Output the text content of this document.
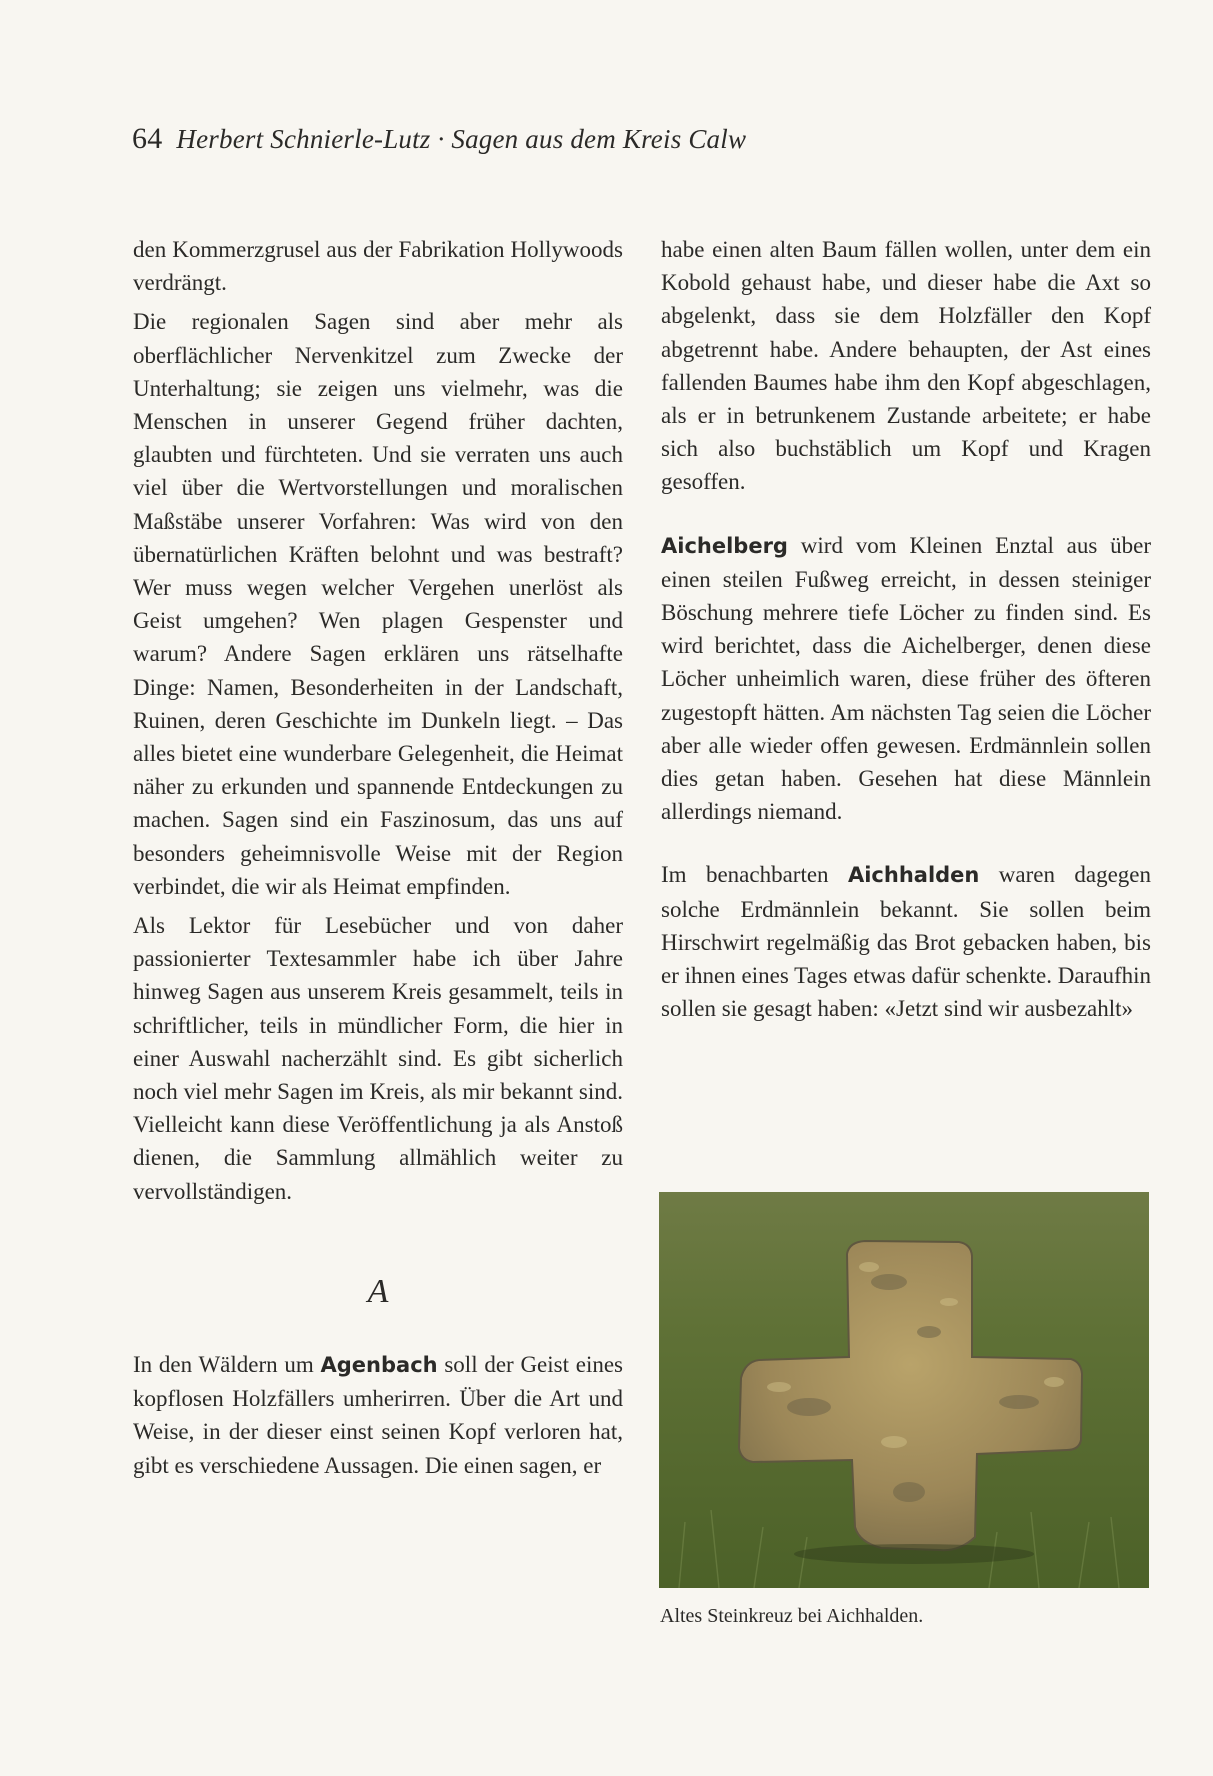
64 Herbert Schnierle-Lutz · Sagen aus dem Kreis Calw

den Kommerzgrusel aus der Fabrikation Hollywoods verdrängt.

Die regionalen Sagen sind aber mehr als oberflächlicher Nervenkitzel zum Zwecke der Unterhaltung; sie zeigen uns vielmehr, was die Menschen in unserer Gegend früher dachten, glaubten und fürchteten. Und sie verraten uns auch viel über die Wertvorstellungen und moralischen Maßstäbe unserer Vorfahren: Was wird von den übernatürlichen Kräften belohnt und was bestraft? Wer muss wegen welcher Vergehen unerlöst als Geist umgehen? Wen plagen Gespenster und warum? Andere Sagen erklären uns rätselhafte Dinge: Namen, Besonderheiten in der Landschaft, Ruinen, deren Geschichte im Dunkeln liegt. – Das alles bietet eine wunderbare Gelegenheit, die Heimat näher zu erkunden und spannende Entdeckungen zu machen. Sagen sind ein Faszinosum, das uns auf besonders geheimnisvolle Weise mit der Region verbindet, die wir als Heimat empfinden.

Als Lektor für Lesebücher und von daher passionierter Textesammler habe ich über Jahre hinweg Sagen aus unserem Kreis gesammelt, teils in schriftlicher, teils in mündlicher Form, die hier in einer Auswahl nacherzählt sind. Es gibt sicherlich noch viel mehr Sagen im Kreis, als mir bekannt sind. Vielleicht kann diese Veröffentlichung ja als Anstoß dienen, die Sammlung allmählich weiter zu vervollständigen.

A

In den Wäldern um Agenbach soll der Geist eines kopflosen Holzfällers umherirren. Über die Art und Weise, in der dieser einst seinen Kopf verloren hat, gibt es verschiedene Aussagen. Die einen sagen, er

habe einen alten Baum fällen wollen, unter dem ein Kobold gehaust habe, und dieser habe die Axt so abgelenkt, dass sie dem Holzfäller den Kopf abgetrennt habe. Andere behaupten, der Ast eines fallenden Baumes habe ihm den Kopf abgeschlagen, als er in betrunkenem Zustande arbeitete; er habe sich also buchstäblich um Kopf und Kragen gesoffen.

Aichelberg wird vom Kleinen Enztal aus über einen steilen Fußweg erreicht, in dessen steiniger Böschung mehrere tiefe Löcher zu finden sind. Es wird berichtet, dass die Aichelberger, denen diese Löcher unheimlich waren, diese früher des öfteren zugestopft hätten. Am nächsten Tag seien die Löcher aber alle wieder offen gewesen. Erdmännlein sollen dies getan haben. Gesehen hat diese Männlein allerdings niemand.

Im benachbarten Aichhalden waren dagegen solche Erdmännlein bekannt. Sie sollen beim Hirschwirt regelmäßig das Brot gebacken haben, bis er ihnen eines Tages etwas dafür schenkte. Daraufhin sollen sie gesagt haben: «Jetzt sind wir ausbezahlt»

Altes Steinkreuz bei Aichhalden.
